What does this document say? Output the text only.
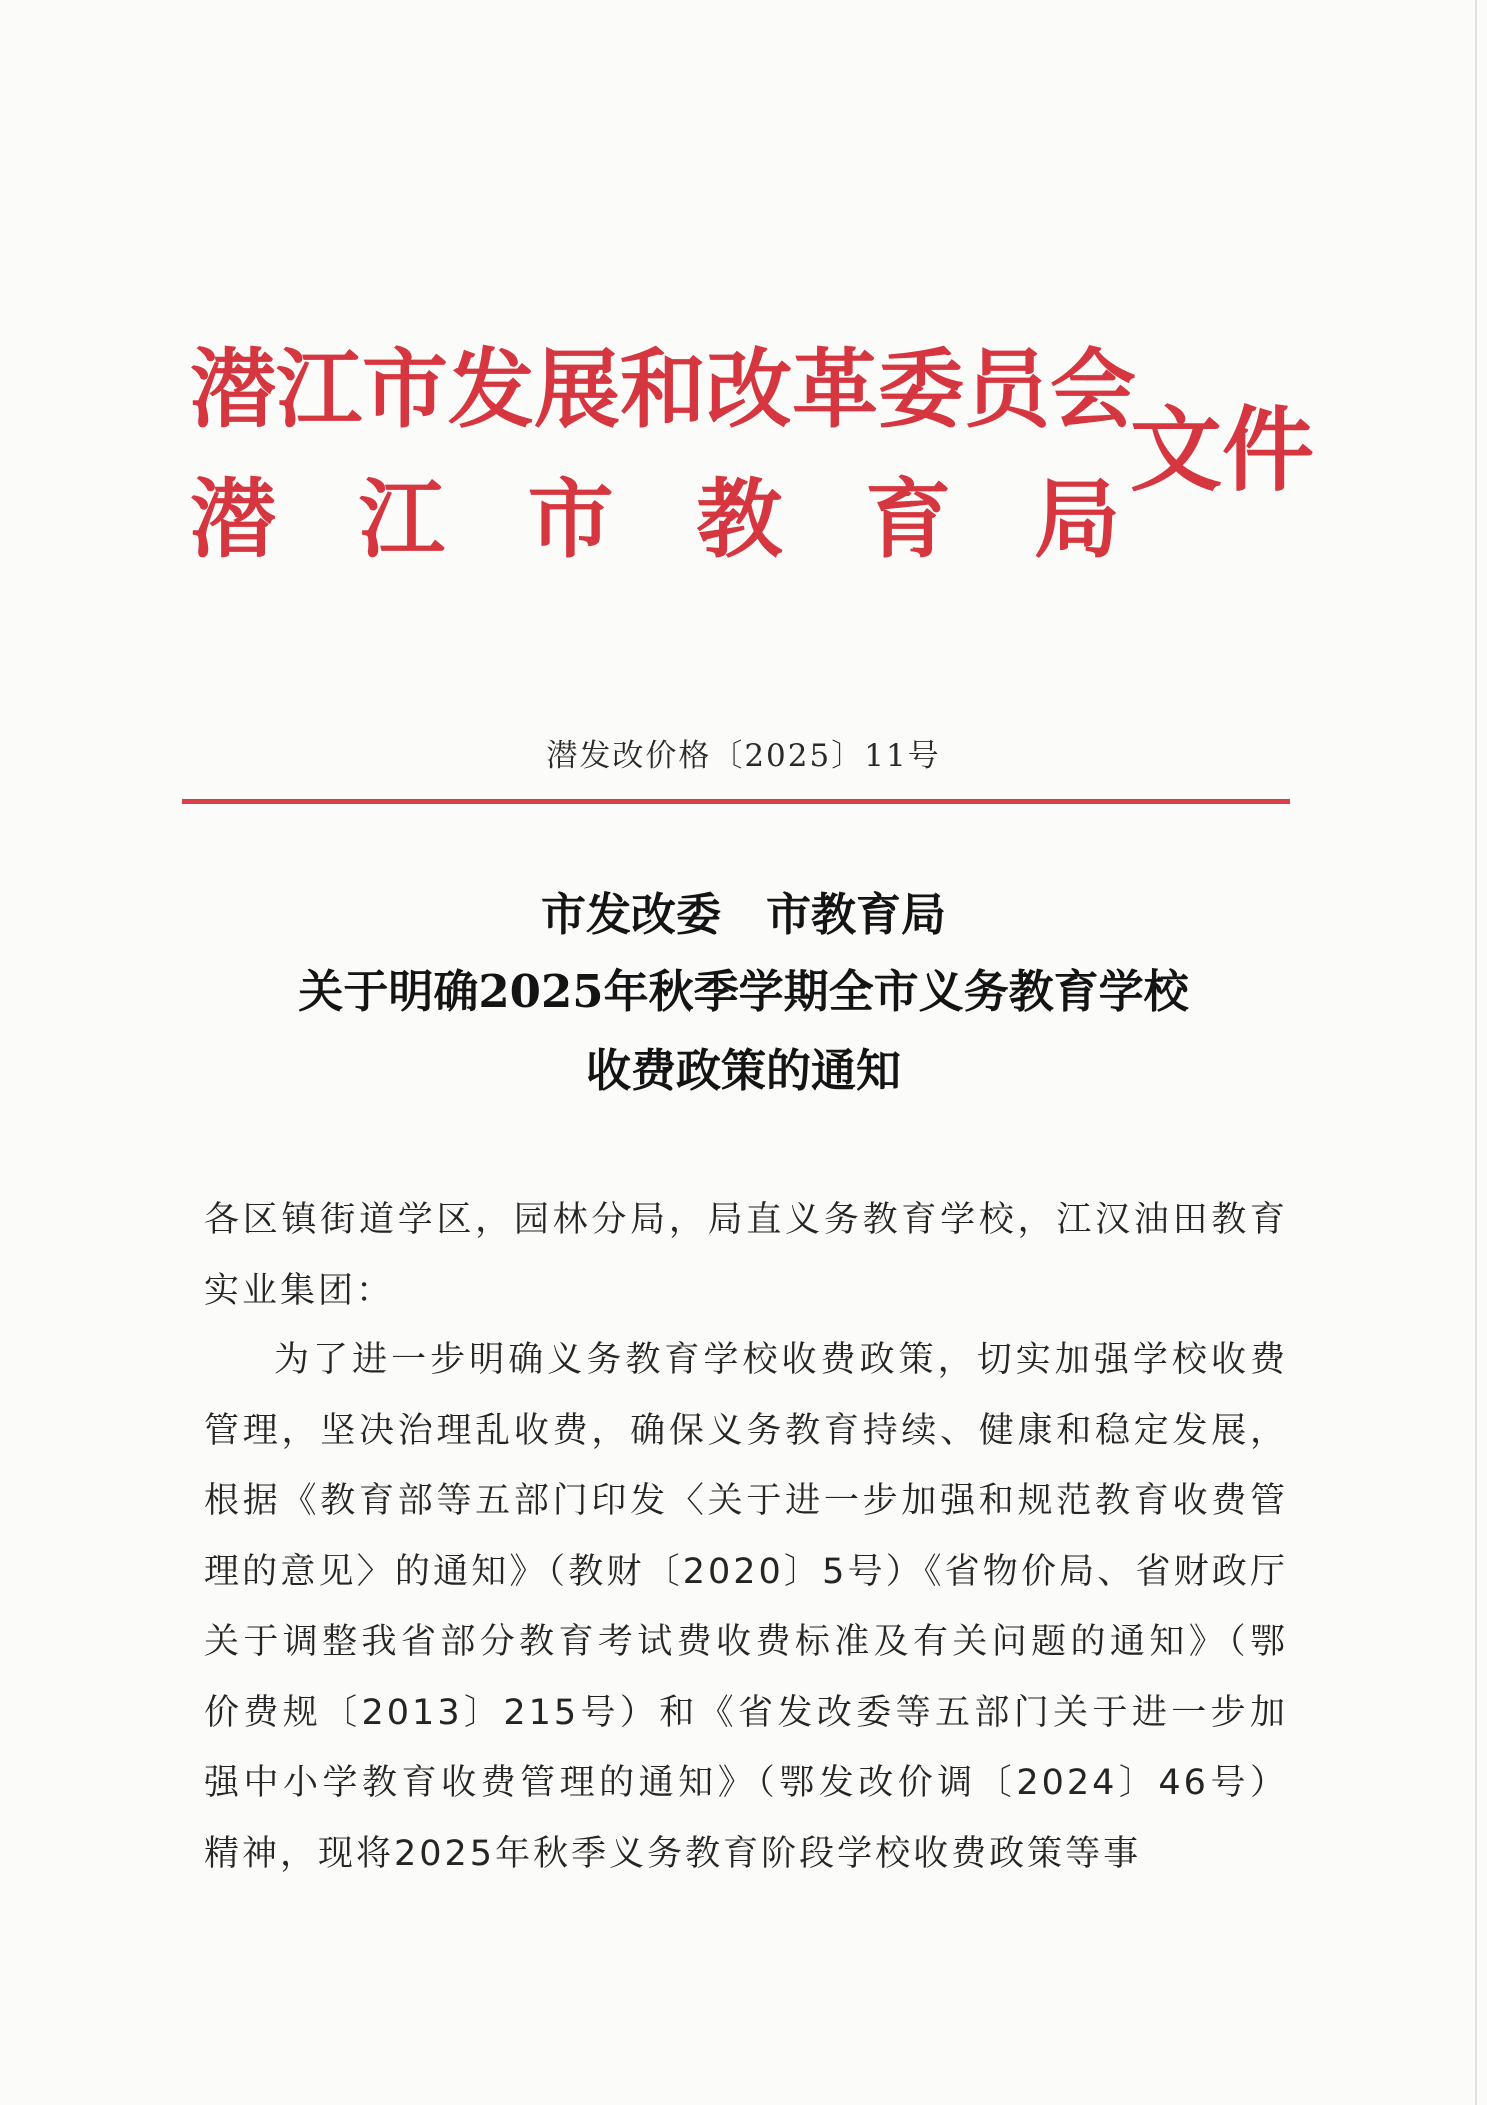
潜江市发展和改革委员会
潜 江 市 教 育 局
文件
潜发改价格〔2025〕11号
市发改委　市教育局
关于明确2025年秋季学期全市义务教育学校
收费政策的通知
各区镇街道学区，园林分局，局直义务教育学校，江汉油田教育实业集团：
为了进一步明确义务教育学校收费政策，切实加强学校收费管理，坚决治理乱收费，确保义务教育持续、健康和稳定发展，根据《教育部等五部门印发〈关于进一步加强和规范教育收费管理的意见〉的通知》（教财〔2020〕5号）《省物价局、省财政厅关于调整我省部分教育考试费收费标准及有关问题的通知》（鄂价费规〔2013〕215号）和《省发改委等五部门关于进一步加强中小学教育收费管理的通知》（鄂发改价调〔2024〕46号）精神，现将2025年秋季义务教育阶段学校收费政策等事
